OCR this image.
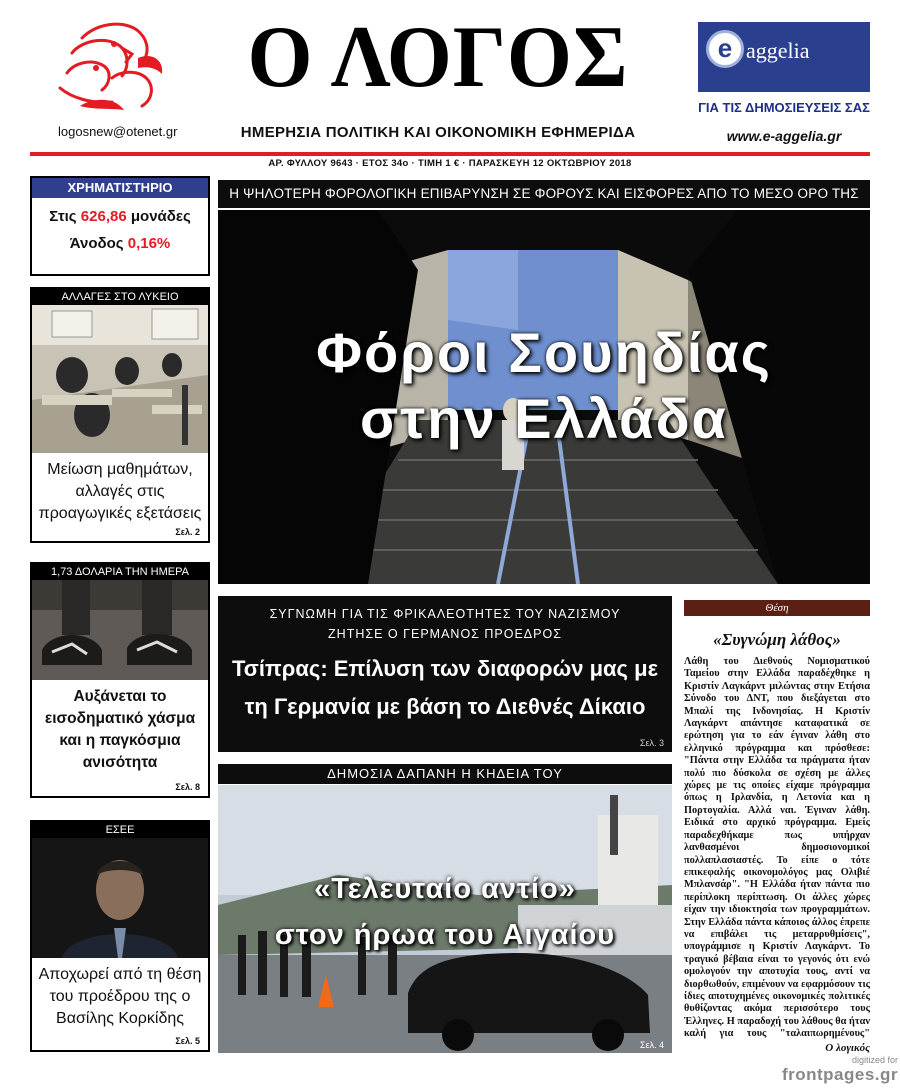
logosnew@otenet.gr
Ο ΛΟΓΟΣ
ΗΜΕΡΗΣΙΑ ΠΟΛΙΤΙΚΗ ΚΑΙ ΟΙΚΟΝΟΜΙΚΗ ΕΦΗΜΕΡΙΔΑ
e aggelia
ΓΙΑ ΤΙΣ ΔΗΜΟΣΙΕΥΣΕΙΣ ΣΑΣ
www.e-aggelia.gr
ΑΡ. ΦΥΛΛΟΥ 9643 · ΕΤΟΣ 34ο · ΤΙΜΗ 1 € · ΠΑΡΑΣΚΕΥΗ 12 ΟΚΤΩΒΡΙΟΥ 2018
ΧΡΗΜΑΤΙΣΤΗΡΙΟ
Στις 626,86 μονάδες
Άνοδος 0,16%
ΑΛΛΑΓΕΣ ΣΤΟ ΛΥΚΕΙΟ
Μείωση μαθημάτων, αλλαγές στις προαγωγικές εξετάσεις
Σελ. 2
1,73 ΔΟΛΑΡΙΑ ΤΗΝ ΗΜΕΡΑ
Αυξάνεται το εισοδηματικό χάσμα και η παγκόσμια ανισότητα
Σελ. 8
ΕΣΕΕ
Αποχωρεί από τη θέση του προέδρου της ο Βασίλης Κορκίδης
Σελ. 5
Η ΨΗΛΟΤΕΡΗ ΦΟΡΟΛΟΓΙΚΗ ΕΠΙΒΑΡΥΝΣΗ ΣΕ ΦΟΡΟΥΣ ΚΑΙ ΕΙΣΦΟΡΕΣ ΑΠΟ ΤΟ ΜΕΣΟ ΟΡΟ ΤΗΣ
Φόροι Σουηδίας
στην Ελλάδα
ΣΥΓΝΩΜΗ ΓΙΑ ΤΙΣ ΦΡΙΚΑΛΕΟΤΗΤΕΣ ΤΟΥ ΝΑΖΙΣΜΟΥ
ΖΗΤΗΣΕ Ο ΓΕΡΜΑΝΟΣ ΠΡΟΕΔΡΟΣ
Τσίπρας: Επίλυση των διαφορών μας με
τη Γερμανία με βάση το Διεθνές Δίκαιο
Σελ. 3
ΔΗΜΟΣΙΑ ΔΑΠΑΝΗ Η ΚΗΔΕΙΑ ΤΟΥ
«Τελευταίο αντίο»
στον ήρωα του Αιγαίου
Σελ. 4
Θέση
«Συγνώμη λάθος»
Λάθη του Διεθνούς Νομισματικού Ταμείου στην Ελλάδα παραδέχθηκε η Κριστίν Λαγκάρντ μιλώντας στην Ετήσια Σύνοδο του ΔΝΤ, που διεξάγεται στο Μπαλί της Ινδονησίας. Η Κριστίν Λαγκάρντ απάντησε καταφατικά σε ερώτηση για το εάν έγιναν λάθη στο ελληνικό πρόγραμμα και πρόσθεσε: "Πάντα στην Ελλάδα τα πράγματα ήταν πολύ πιο δύσκολα σε σχέση με άλλες χώρες με τις οποίες είχαμε πρόγραμμα όπως η Ιρλανδία, η Λετονία και η Πορτογαλία. Αλλά ναι. Έγιναν λάθη. Ειδικά στο αρχικό πρόγραμμα. Εμείς παραδεχθήκαμε πως υπήρχαν λανθασμένοι δημοσιονομικοί πολλαπλασιαστές. Το είπε ο τότε επικεφαλής οικονομολόγος μας Ολιβιέ Μπλανσάρ". "Η Ελλάδα ήταν πάντα πιο περίπλοκη περίπτωση. Οι άλλες χώρες είχαν την ιδιοκτησία των προγραμμάτων. Στην Ελλάδα πάντα κάποιος άλλος έπρεπε να επιβάλει τις μεταρρυθμίσεις", υπογράμμισε η Κριστίν Λαγκάρντ. Το τραγικό βέβαια είναι το γεγονός ότι ενώ ομολογούν την αποτυχία τους, αντί να διορθωθούν, επιμένουν να εφαρμόσουν τις ίδιες αποτυχημένες οικονομικές πολιτικές θυθίζοντας ακόμα περισσότερο τους Έλληνες. Η παραδοχή του λάθους θα ήταν καλή για τους "ταλαιπωρημένους"
Ο λογικός
digitized for
frontpages.gr
